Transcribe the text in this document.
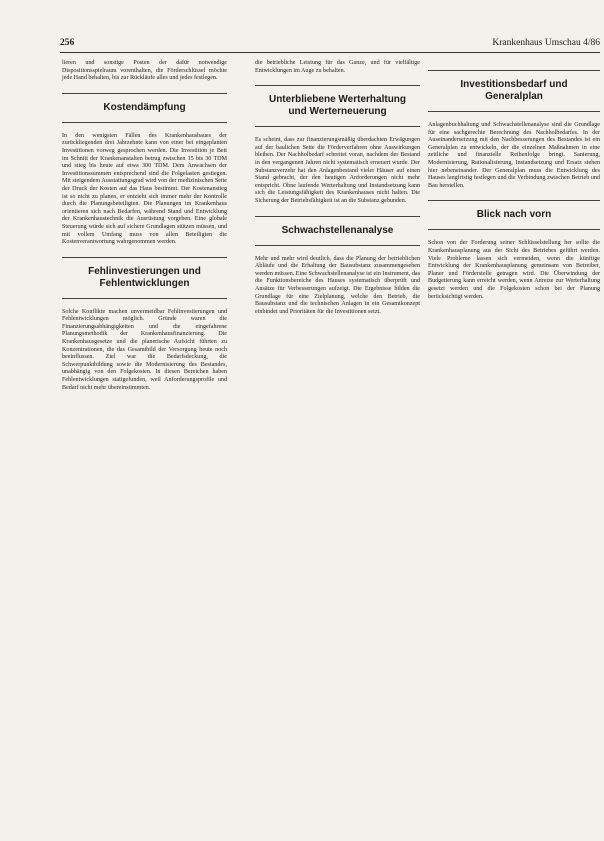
256	Krankenhaus Umschau 4/86

lieren und sonstige Posten der dafür notwendige Dispositionsspielraum vorenthalten, die Förderschlüssel möchte jede Hand behalten, bis zur Rückläufe alles und jedes festlegen.

Kostendämpfung

In den wenigsten Fällen des Krankenhausbaues der zurückliegenden drei Jahrzehnte kann von einer bei eingeplanten Investitionen vorweg gesprochen werden. Die Investition je Bett im Schnitt der Krankenanstalten betrug zwischen 15 bis 30 TDM und stieg bis heute auf etwa 300 TDM. Dem Anwachsen der Investitionssummen entsprechend sind die Folgelasten gestiegen. Mit steigendem Ausstattungsgrad wird von der medizinischen Seite der Druck der Kosten auf das Haus bestimmt. Der Kostenanstieg ist so nicht zu planen, er entzieht sich immer mehr der Kontrolle durch die Planungsbeteiligten. Die Planungen im Krankenhaus orientieren sich nach Bedarfen, während Stand und Entwicklung der Krankenhaustechnik die Ausrüstung vorgeben. Eine globale Steuerung würde sich auf sichere Grundlagen stützen müssen, und mit vollem Umfang muss von allen Beteiligten die Kostenverantwortung wahrgenommen werden.

Fehlinvestierungen und Fehlentwicklungen

Solche Konflikte machen unvermeidbar Fehlinvestierungen und Fehlentwicklungen möglich. Gründe waren die Finanzierungsabhängigkeiten und die eingefahrene Planungsmethodik der Krankenhausfinanzierung. Die Krankenhausgesetze und die planerische Aufsicht führten zu Konzentrationen, die das Gesamtbild der Versorgung heute noch beeinflussen. Ziel war die Bedarfsdeckung, die Schwerpunktbildung sowie die Modernisierung des Bestandes, unabhängig von den Folgekosten. In diesen Bereichen haben Fehlentwicklungen stattgefunden, weil Anforderungsprofile und Bedarf nicht mehr übereinstimmten.

die betriebliche Leistung für das Ganze, und für vielfältige Entwicklungen im Auge zu behalten.

Unterbliebene Werterhaltung und Werterneuerung

Es scheint, dass zur finanzierungsmäßig überdachten Erwägungen auf der baulichen Seite die Förderverfahren ohne Auswirkungen bleiben. Der Nachholbedarf schreitet voran, nachdem der Bestand in den vergangenen Jahren nicht systematisch erneuert wurde. Der Substanzverzehr hat den Anlagenbestand vieler Häuser auf einen Stand gebracht, der den heutigen Anforderungen nicht mehr entspricht. Ohne laufende Werterhaltung und Instandsetzung kann sich die Leistungsfähigkeit des Krankenhauses nicht halten. Die Sicherung der Betriebsfähigkeit ist an die Substanz gebunden.

Schwachstellenanalyse

Mehr und mehr wird deutlich, dass die Planung der betrieblichen Abläufe und die Erhaltung der Bausubstanz zusammengesehen werden müssen. Eine Schwachstellenanalyse ist ein Instrument, das die Funktionsbereiche des Hauses systematisch überprüft und Ansätze für Verbesserungen aufzeigt. Die Ergebnisse bilden die Grundlage für eine Zielplanung, welche den Betrieb, die Bausubstanz und die technischen Anlagen in ein Gesamtkonzept einbindet und Prioritäten für die Investitionen setzt.

Investitionsbedarf und Generalplan

Anlagenbuchhaltung und Schwachstellenanalyse sind die Grundlage für eine sachgerechte Berechnung des Nachholbedarfes. In der Auseinandersetzung mit den Nachbesserungen des Bestandes ist ein Generalplan zu entwickeln, der die einzelnen Maßnahmen in eine zeitliche und finanzielle Reihenfolge bringt. Sanierung, Modernisierung, Rationalisierung, Instandsetzung und Ersatz stehen hier nebeneinander. Der Generalplan muss die Entwicklung des Hauses langfristig festlegen und die Verbindung zwischen Betrieb und Bau herstellen.

Blick nach vorn

Schon von der Forderung seiner Schlüsselstellung her sollte die Krankenhausplanung aus der Sicht des Betriebes geführt werden. Viele Probleme lassen sich vermeiden, wenn die künftige Entwicklung der Krankenhausplanung gemeinsam von Betreiber, Planer und Förderstelle getragen wird. Die Überwindung der Budgetierung kann erreicht werden, wenn Anreize zur Werterhaltung gesetzt werden und die Folgekosten schon bei der Planung berücksichtigt werden.
